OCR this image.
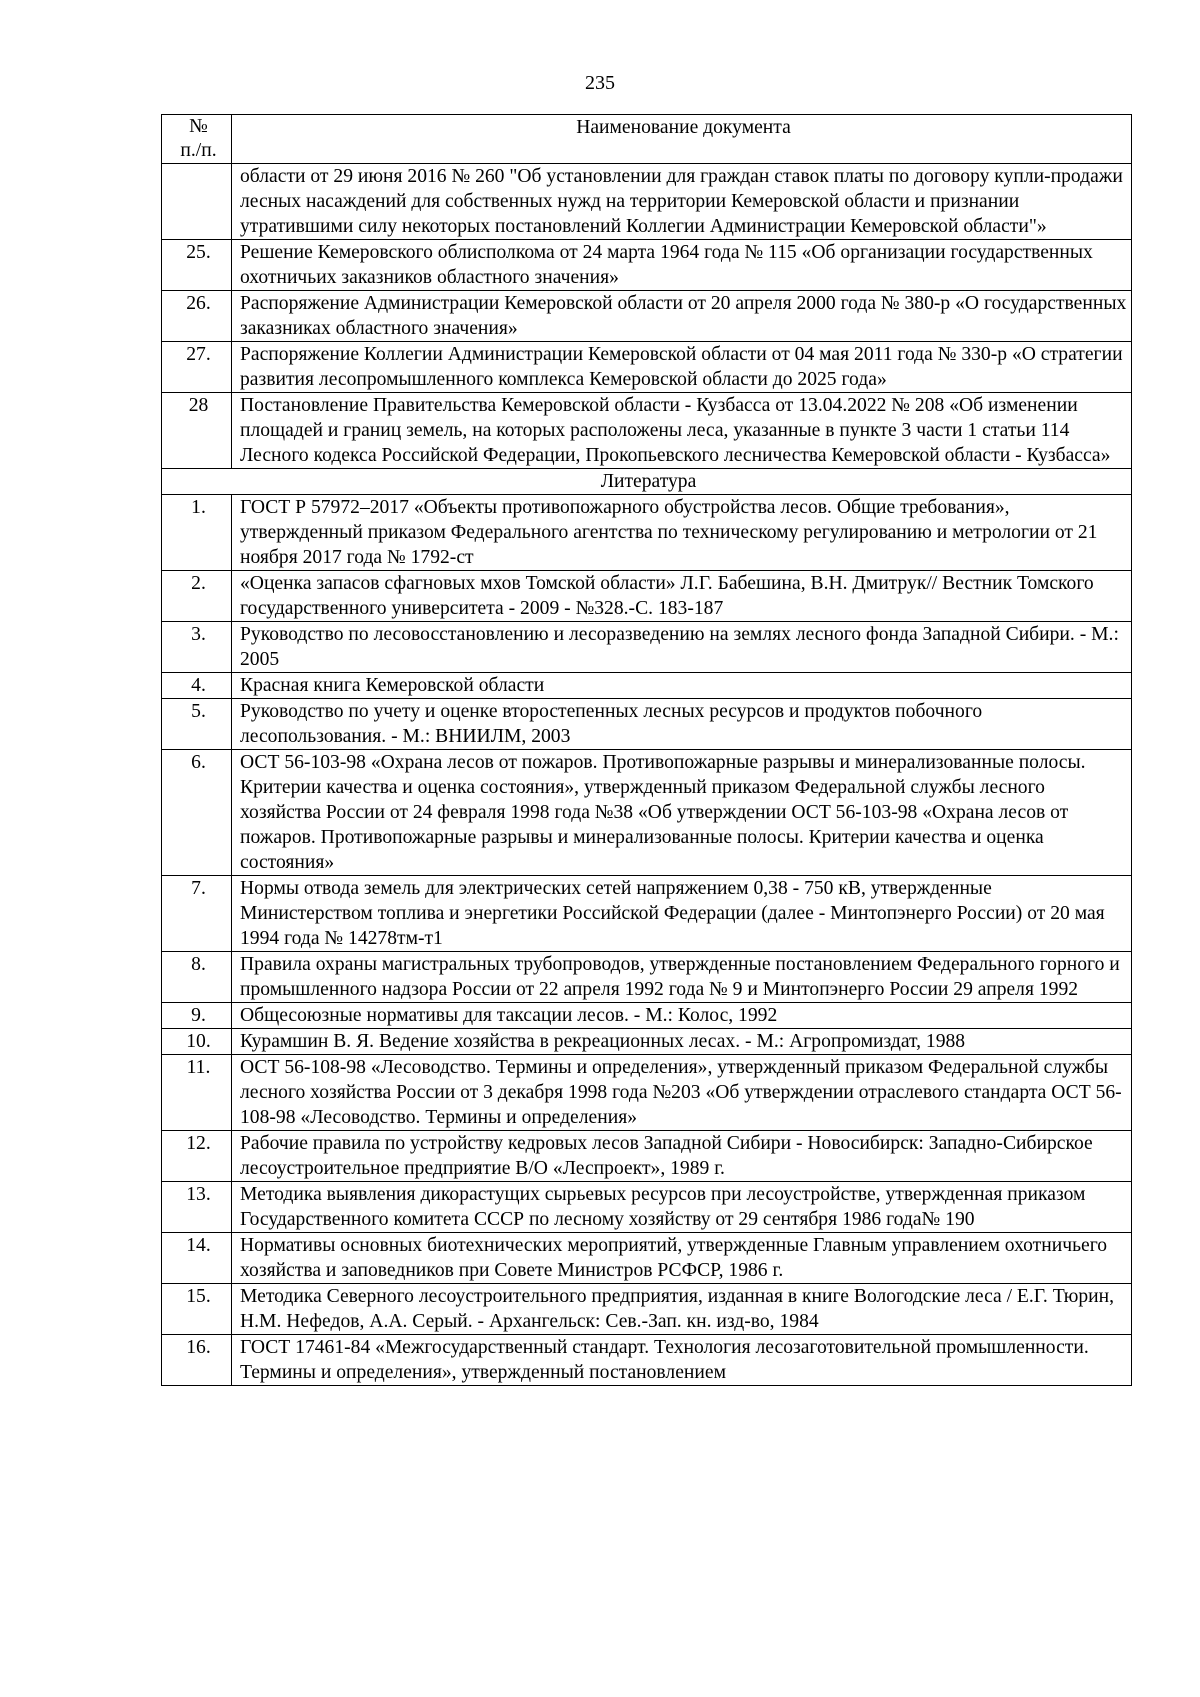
235
№
п./п.	Наименование документа
	области от 29 июня 2016 № 260 "Об установлении для граждан ставок платы по договору купли-продажи лесных насаждений для собственных нужд на территории Кемеровской области и признании утратившими силу некоторых постановлений Коллегии Администрации Кемеровской области"»
25.	Решение Кемеровского облисполкома от 24 марта 1964 года № 115 «Об организации государственных охотничьих заказников областного значения»
26.	Распоряжение Администрации Кемеровской области от 20 апреля 2000 года № 380-р «О государственных заказниках областного значения»
27.	Распоряжение Коллегии Администрации Кемеровской области от 04 мая 2011 года № 330-р «О стратегии развития лесопромышленного комплекса Кемеровской области до 2025 года»
28	Постановление Правительства Кемеровской области - Кузбасса от 13.04.2022 № 208 «Об изменении площадей и границ земель, на которых расположены леса, указанные в пункте 3 части 1 статьи 114 Лесного кодекса Российской Федерации, Прокопьевского лесничества Кемеровской области - Кузбасса»
Литература	
1.	ГОСТ Р 57972–2017 «Объекты противопожарного обустройства лесов. Общие требования», утвержденный приказом Федерального агентства по техническому регулированию и метрологии от 21 ноября 2017 года № 1792-ст
2.	«Оценка запасов сфагновых мхов Томской области» Л.Г. Бабешина, В.Н. Дмитрук// Вестник Томского государственного университета - 2009 - №328.-С. 183-187
3.	Руководство по лесовосстановлению и лесоразведению на землях лесного фонда Западной Сибири. - М.: 2005
4.	Красная книга Кемеровской области
5.	Руководство по учету и оценке второстепенных лесных ресурсов и продуктов побочного лесопользования. - М.: ВНИИЛМ, 2003
6.	ОСТ 56-103-98 «Охрана лесов от пожаров. Противопожарные разрывы и минерализованные полосы. Критерии качества и оценка состояния», утвержденный приказом Федеральной службы лесного хозяйства России от 24 февраля 1998 года №38 «Об утверждении ОСТ 56-103-98 «Охрана лесов от пожаров. Противопожарные разрывы и минерализованные полосы. Критерии качества и оценка состояния»
7.	Нормы отвода земель для электрических сетей напряжением 0,38 - 750 кВ, утвержденные Министерством топлива и энергетики Российской Федерации (далее - Минтопэнерго России) от 20 мая 1994 года № 14278тм-т1
8.	Правила охраны магистральных трубопроводов, утвержденные постановлением Федерального горного и промышленного надзора России от 22 апреля 1992 года № 9 и Минтопэнерго России 29 апреля 1992
9.	Общесоюзные нормативы для таксации лесов. - М.: Колос, 1992
10.	Курамшин В. Я. Ведение хозяйства в рекреационных лесах. - М.: Агропромиздат, 1988
11.	ОСТ 56-108-98 «Лесоводство. Термины и определения», утвержденный приказом Федеральной службы лесного хозяйства России от 3 декабря 1998 года №203 «Об утверждении отраслевого стандарта ОСТ 56-108-98 «Лесоводство. Термины и определения»
12.	Рабочие правила по устройству кедровых лесов Западной Сибири - Новосибирск: Западно-Сибирское лесоустроительное предприятие В/О «Леспроект», 1989 г.
13.	Методика выявления дикорастущих сырьевых ресурсов при лесоустройстве, утвержденная приказом Государственного комитета СССР по лесному хозяйству от 29 сентября 1986 года№ 190
14.	Нормативы основных биотехнических мероприятий, утвержденные Главным управлением охотничьего хозяйства и заповедников при Совете Министров РСФСР, 1986 г.
15.	Методика Северного лесоустроительного предприятия, изданная в книге Вологодские леса / Е.Г. Тюрин, Н.М. Нефедов, А.А. Серый. - Архангельск: Сев.-Зап. кн. изд-во, 1984
16.	ГОСТ 17461-84 «Межгосударственный стандарт. Технология лесозаготовительной промышленности. Термины и определения», утвержденный постановлением
